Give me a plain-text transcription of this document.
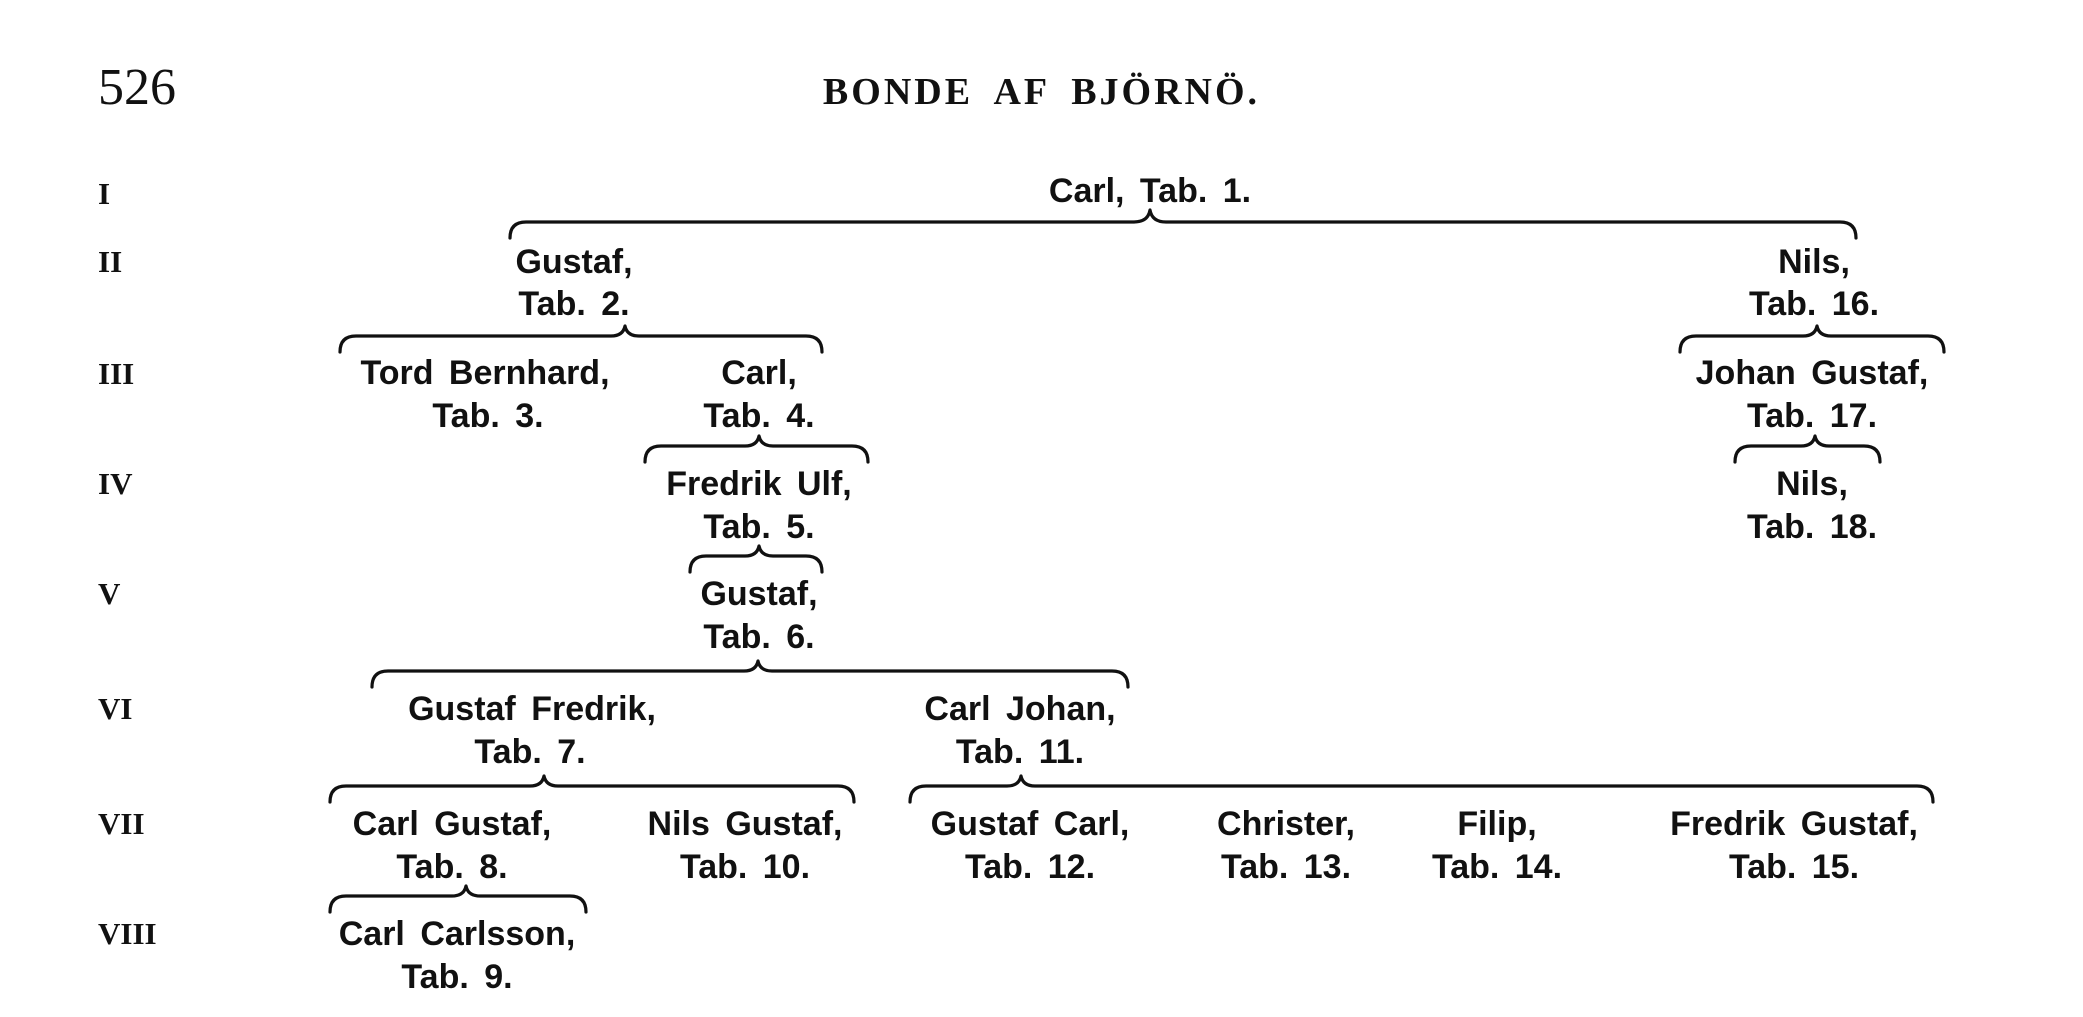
526	BONDE AF BJÖRNÖ.
I
II
III
IV
V
VI
VII
VIII
Carl, Tab. 1.
Gustaf,
Tab. 2.
Nils,
Tab. 16.
Tord Bernhard,
Tab. 3.
Carl,
Tab. 4.
Johan Gustaf,
Tab. 17.
Fredrik Ulf,
Tab. 5.
Nils,
Tab. 18.
Gustaf,
Tab. 6.
Gustaf Fredrik,
Tab. 7.
Carl Johan,
Tab. 11.
Carl Gustaf,
Tab. 8.
Nils Gustaf,
Tab. 10.
Gustaf Carl,
Tab. 12.
Christer,
Tab. 13.
Filip,
Tab. 14.
Fredrik Gustaf,
Tab. 15.
Carl Carlsson,
Tab. 9.
